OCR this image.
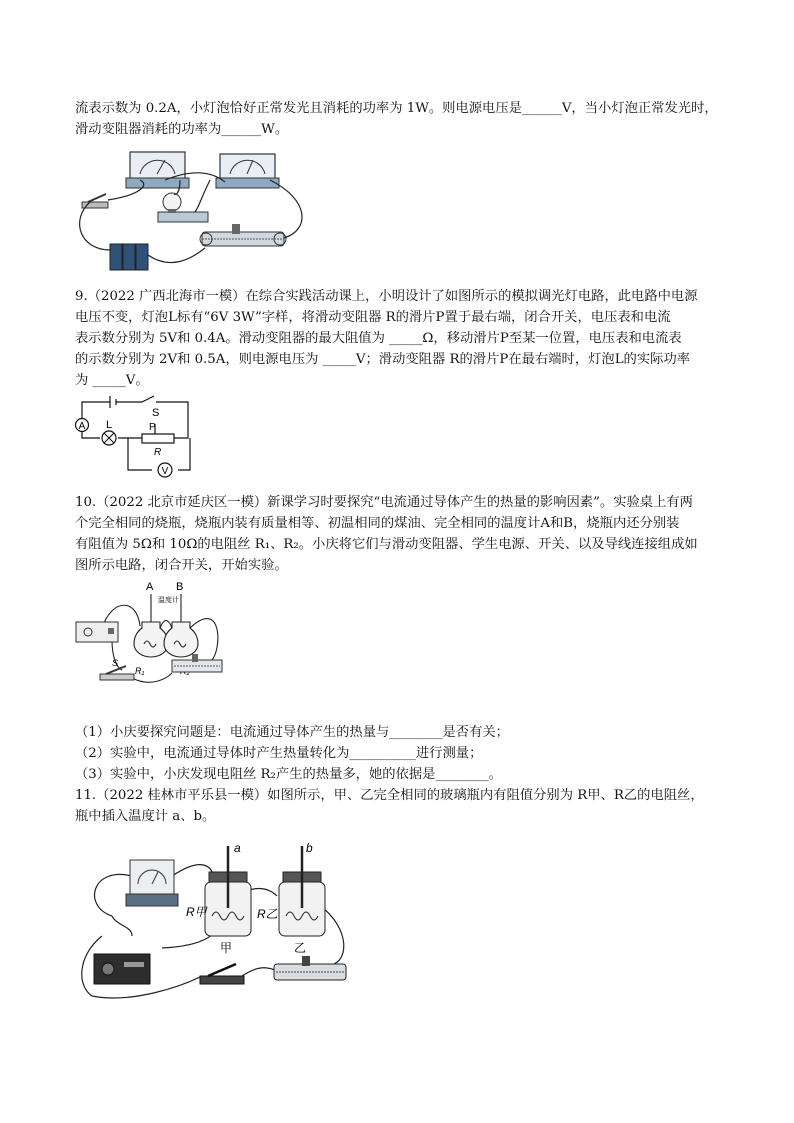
流表示数为 0.2A，小灯泡恰好正常发光且消耗的功率为 1W。则电源电压是______V，当小灯泡正常发光时，

滑动变阻器消耗的功率为______W。

9.（2022 广西北海市一模）在综合实践活动课上，小明设计了如图所示的模拟调光灯电路，此电路中电源

电压不变，灯泡L标有“6V 3W”字样，将滑动变阻器 R的滑片P置于最右端，闭合开关，电压表和电流

表示数分别为 5V和 0.4A。滑动变阻器的最大阻值为 _____Ω，移动滑片P至某一位置，电压表和电流表

的示数分别为 2V和 0.5A，则电源电压为 _____V；滑动变阻器 R的滑片P在最右端时，灯泡L的实际功率

为 _____V。

A L
S
P
R
V

10.（2022 北京市延庆区一模）新课学习时要探究“电流通过导体产生的热量的影响因素”。实验桌上有两

个完全相同的烧瓶，烧瓶内装有质量相等、初温相同的煤油、完全相同的温度计A和B，烧瓶内还分别装

有阻值为 5Ω和 10Ω的电阻丝 R₁、R₂。小庆将它们与滑动变阻器、学生电源、开关、以及导线连接组成如

图所示电路，闭合开关，开始实验。

A B
温度计
R₁
S

（1）小庆要探究问题是：电流通过导体产生的热量与________是否有关；

（2）实验中，电流通过导体时产生热量转化为__________进行测量；

（3）实验中，小庆发现电阻丝 R₂产生的热量多，她的依据是________。

11.（2022 桂林市平乐县一模）如图所示，甲、乙完全相同的玻璃瓶内有阻值分别为 R甲、R乙的电阻丝，

瓶中插入温度计 a、b。

a	b
R甲	R乙
甲	乙
